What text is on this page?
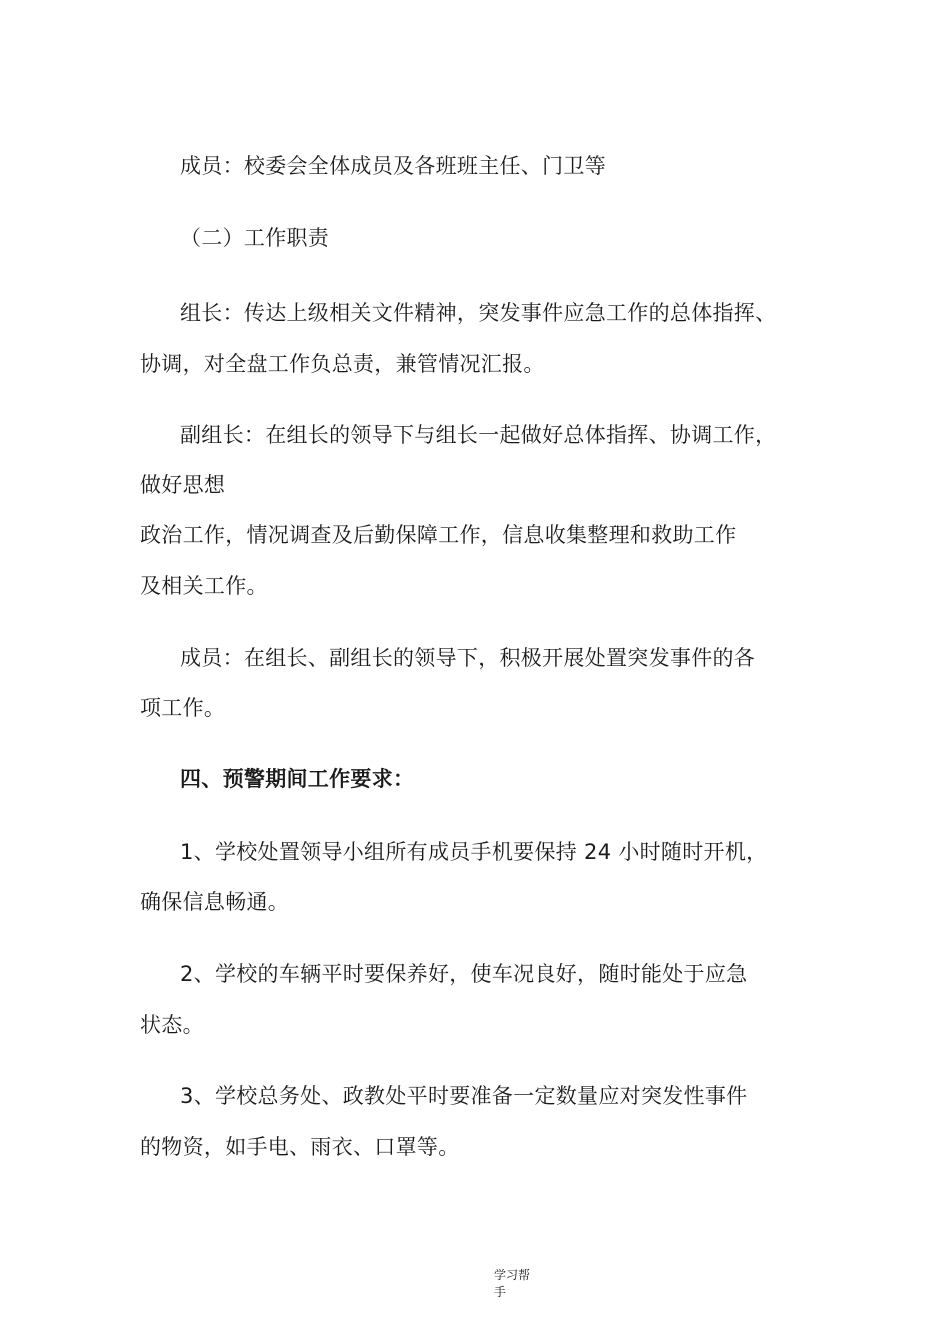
成员：校委会全体成员及各班班主任、门卫等
（二）工作职责
组长：传达上级相关文件精神，突发事件应急工作的总体指挥、
协调，对全盘工作负总责，兼管情况汇报。
副组长：在组长的领导下与组长一起做好总体指挥、协调工作，
做好思想
政治工作，情况调查及后勤保障工作，信息收集整理和救助工作
及相关工作。
成员：在组长、副组长的领导下，积极开展处置突发事件的各
项工作。
四、预警期间工作要求：
1、学校处置领导小组所有成员手机要保持 24 小时随时开机，
确保信息畅通。
2、学校的车辆平时要保养好，使车况良好，随时能处于应急
状态。
3、学校总务处、政教处平时要准备一定数量应对突发性事件
的物资，如手电、雨衣、口罩等。
学习帮
手
